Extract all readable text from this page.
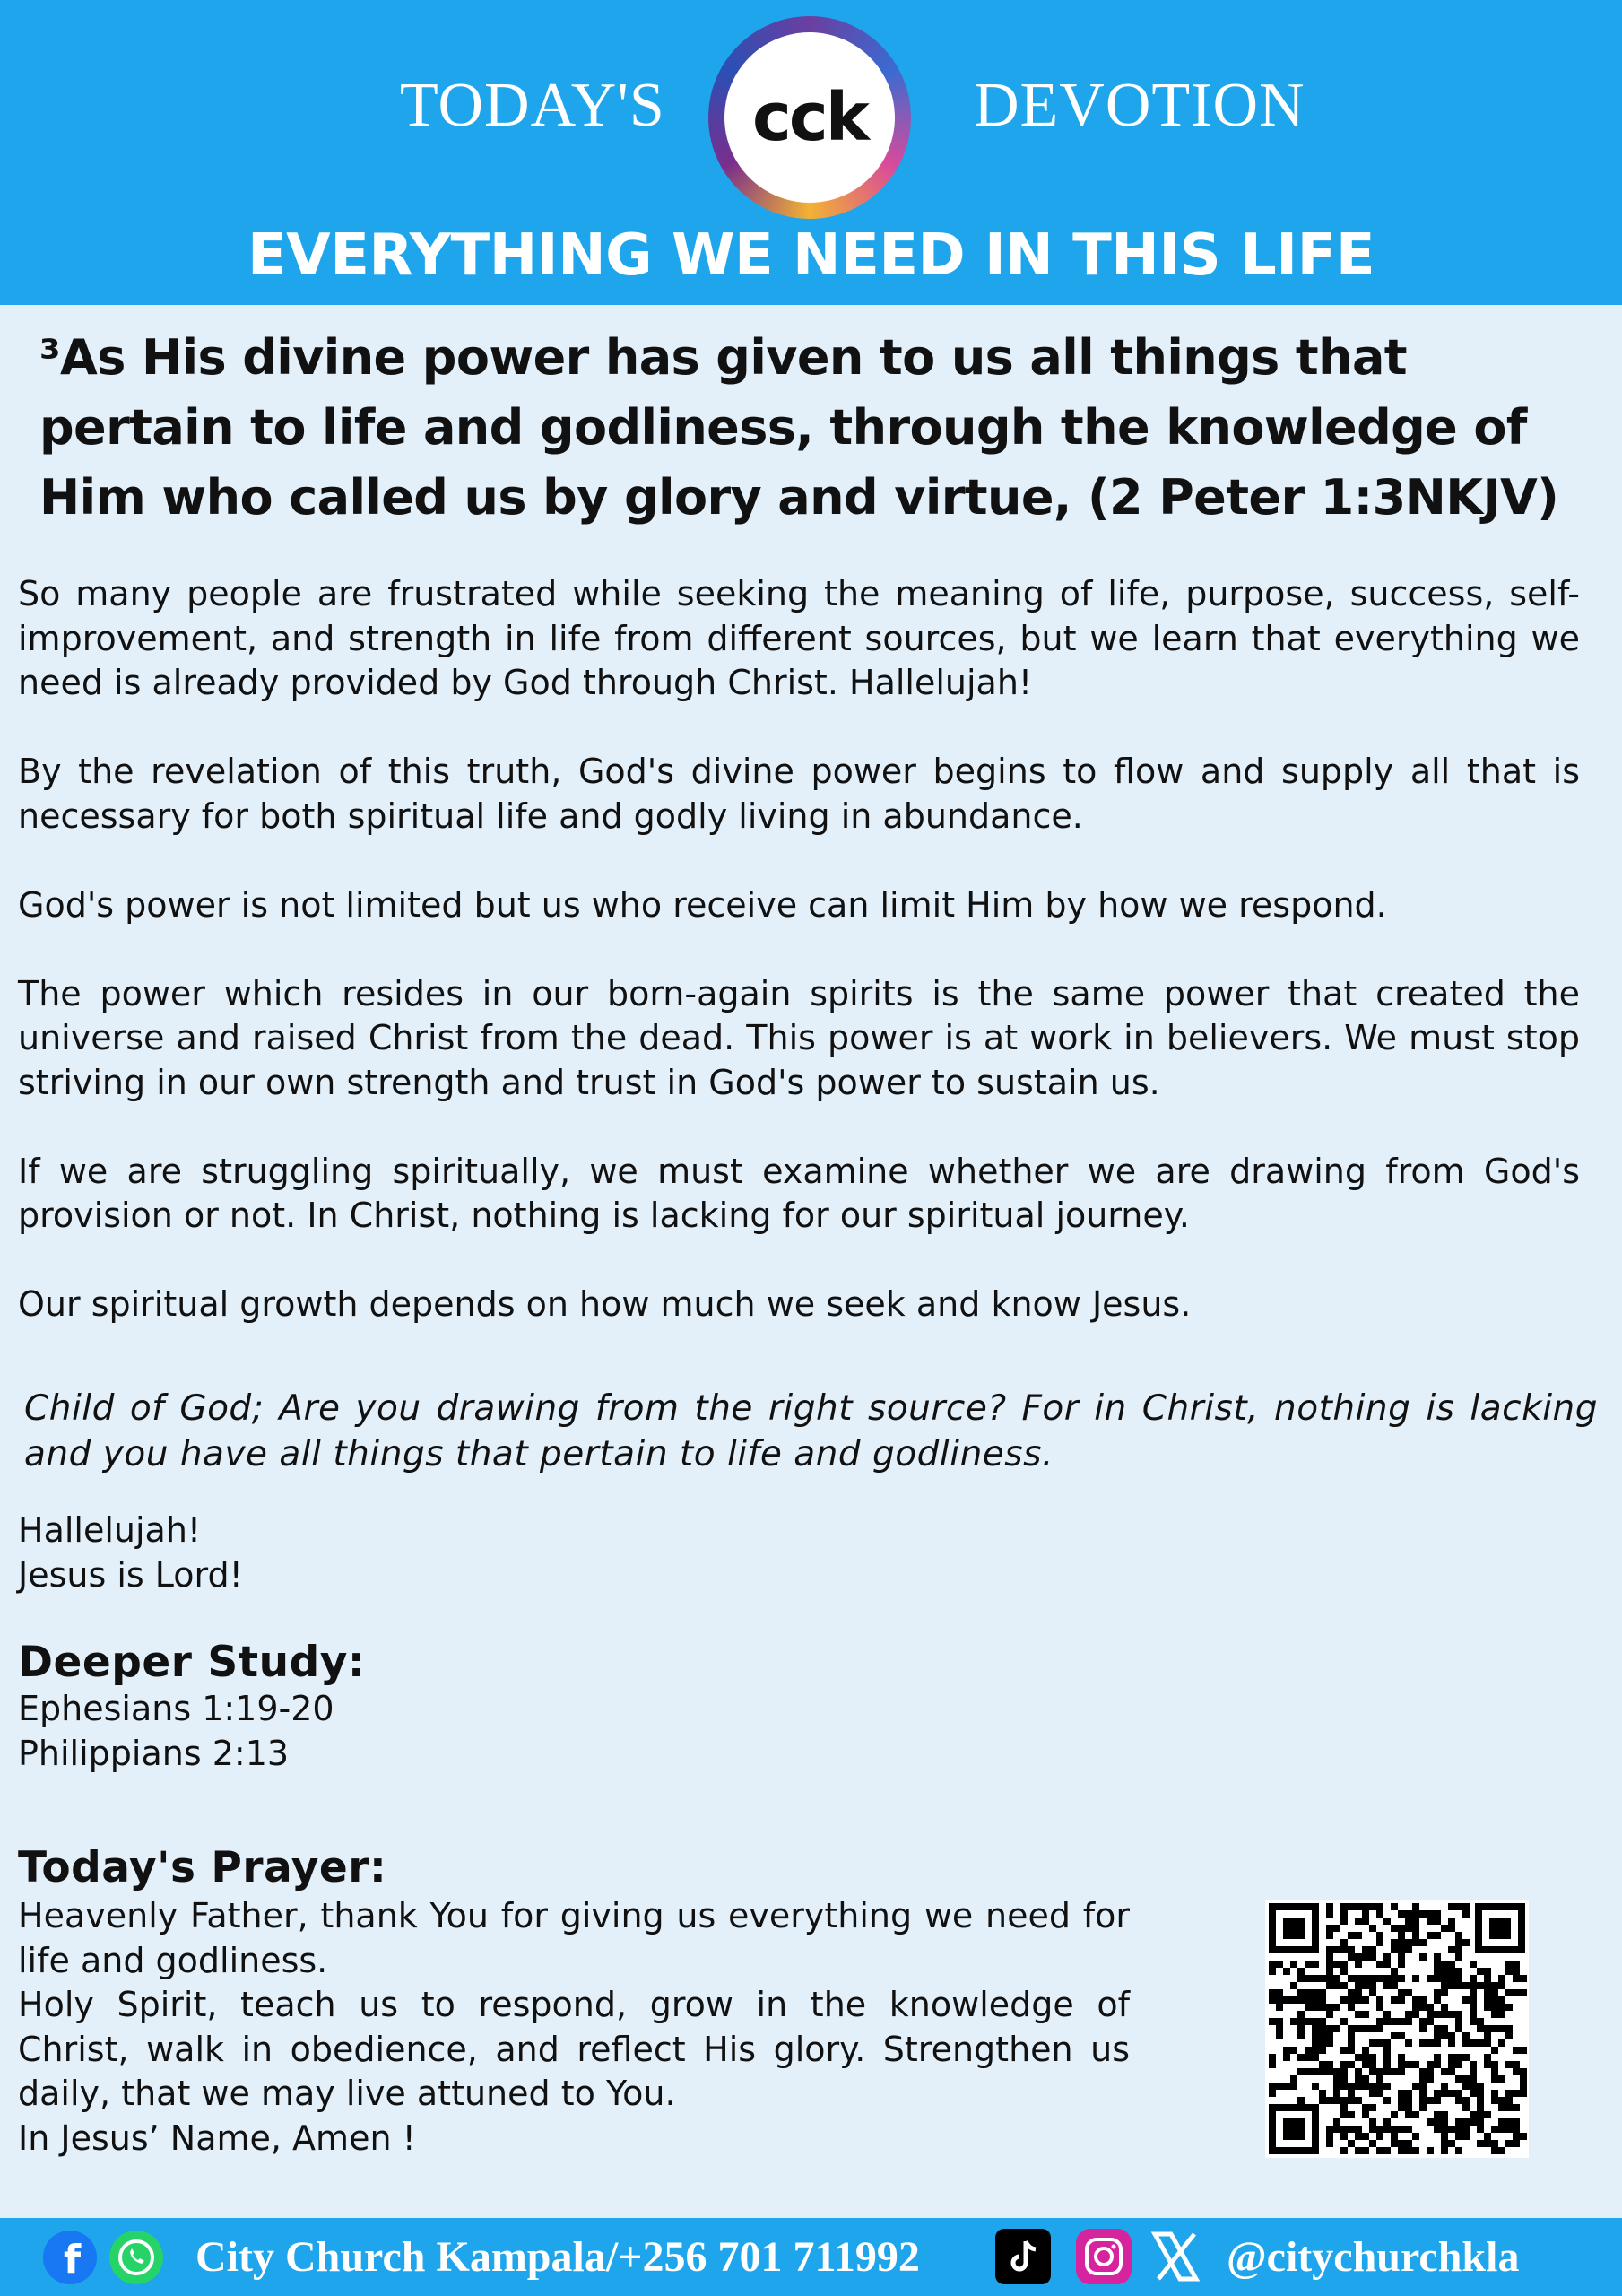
TODAY'S	cck	DEVOTION
EVERYTHING WE NEED IN THIS LIFE
³As His divine power has given to us all things that pertain to life and godliness, through the knowledge of Him who called us by glory and virtue, (2 Peter 1:3NKJV)

So many people are frustrated while seeking the meaning of life, purpose, success, self-improvement, and strength in life from different sources, but we learn that everything we need is already provided by God through Christ. Hallelujah!

By the revelation of this truth, God's divine power begins to flow and supply all that is necessary for both spiritual life and godly living in abundance.

God's power is not limited but us who receive can limit Him by how we respond.

The power which resides in our born-again spirits is the same power that created the universe and raised Christ from the dead. This power is at work in believers. We must stop striving in our own strength and trust in God's power to sustain us.

If we are struggling spiritually, we must examine whether we are drawing from God's provision or not. In Christ, nothing is lacking for our spiritual journey.

Our spiritual growth depends on how much we seek and know Jesus.

Child of God; Are you drawing from the right source? For in Christ, nothing is lacking and you have all things that pertain to life and godliness.
Hallelujah!
Jesus is Lord!
Deeper Study:
Ephesians 1:19-20
Philippians 2:13
Today's Prayer:
Heavenly Father, thank You for giving us everything we need for life and godliness.
Holy Spirit, teach us to respond, grow in the knowledge of Christ, walk in obedience, and reflect His glory. Strengthen us daily, that we may live attuned to You.
In Jesus’ Name, Amen !
f	City Church Kampala/+256 701 711992	@citychurchkla
